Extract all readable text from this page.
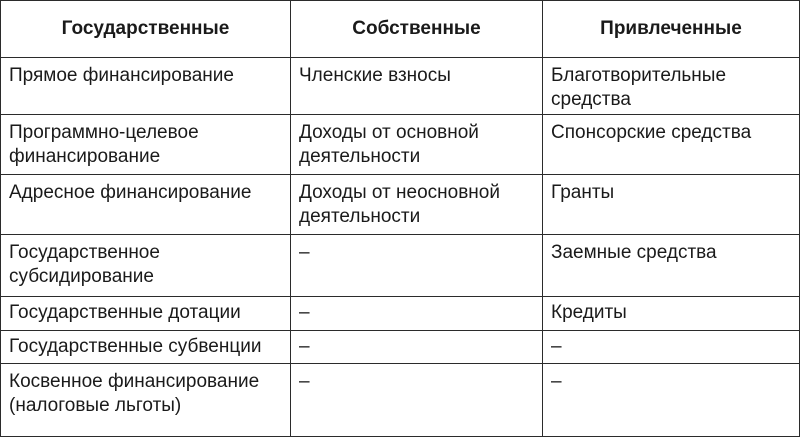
Государственные	Собственные	Привлеченные
Прямое финансирование	Членские взносы	Благотворительные средства
Программно-целевое финансирование	Доходы от основной деятельности	Спонсорские средства
Адресное финансирование	Доходы от неосновной деятельности	Гранты
Государственное субсидирование	–	Заемные средства
Государственные дотации	–	Кредиты
Государственные субвенции	–	–
Косвенное финансирование (налоговые льготы)	–	–
